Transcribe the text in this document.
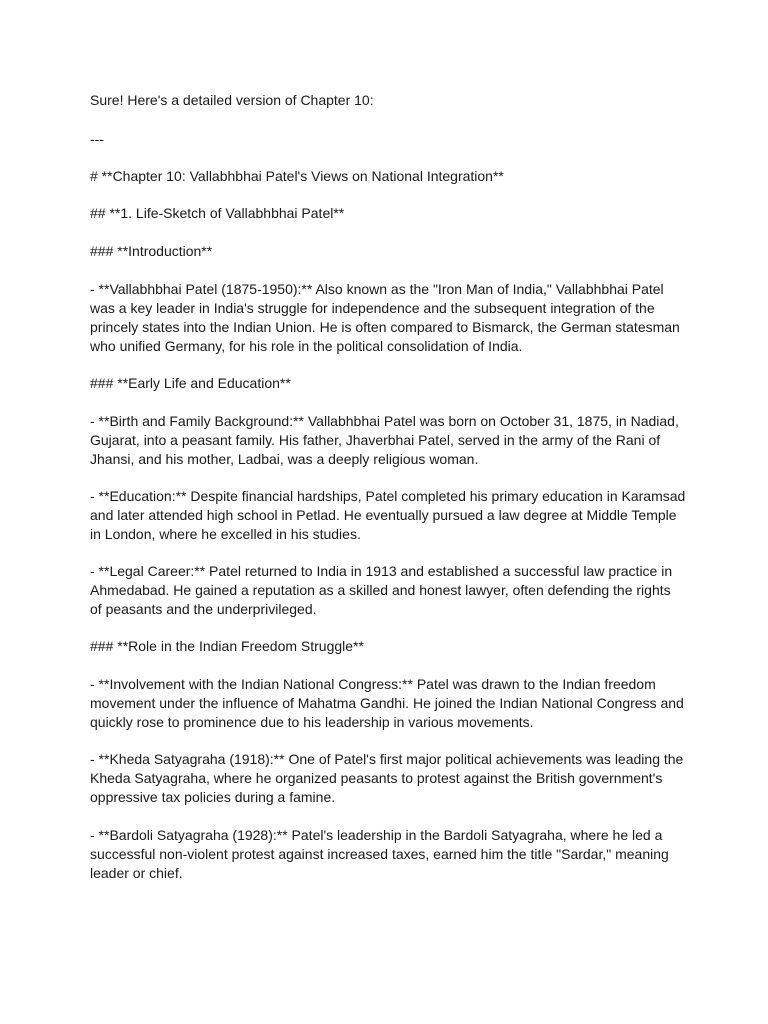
Sure! Here's a detailed version of Chapter 10:

---

# **Chapter 10: Vallabhbhai Patel's Views on National Integration**

## **1. Life-Sketch of Vallabhbhai Patel**

### **Introduction**

- **Vallabhbhai Patel (1875-1950):** Also known as the "Iron Man of India," Vallabhbhai Patel

was a key leader in India's struggle for independence and the subsequent integration of the

princely states into the Indian Union. He is often compared to Bismarck, the German statesman

who unified Germany, for his role in the political consolidation of India.

### **Early Life and Education**

- **Birth and Family Background:** Vallabhbhai Patel was born on October 31, 1875, in Nadiad,

Gujarat, into a peasant family. His father, Jhaverbhai Patel, served in the army of the Rani of

Jhansi, and his mother, Ladbai, was a deeply religious woman.

- **Education:** Despite financial hardships, Patel completed his primary education in Karamsad

and later attended high school in Petlad. He eventually pursued a law degree at Middle Temple

in London, where he excelled in his studies.

- **Legal Career:** Patel returned to India in 1913 and established a successful law practice in

Ahmedabad. He gained a reputation as a skilled and honest lawyer, often defending the rights

of peasants and the underprivileged.

### **Role in the Indian Freedom Struggle**

- **Involvement with the Indian National Congress:** Patel was drawn to the Indian freedom

movement under the influence of Mahatma Gandhi. He joined the Indian National Congress and

quickly rose to prominence due to his leadership in various movements.

- **Kheda Satyagraha (1918):** One of Patel's first major political achievements was leading the

Kheda Satyagraha, where he organized peasants to protest against the British government's

oppressive tax policies during a famine.

- **Bardoli Satyagraha (1928):** Patel's leadership in the Bardoli Satyagraha, where he led a

successful non-violent protest against increased taxes, earned him the title "Sardar," meaning

leader or chief.
